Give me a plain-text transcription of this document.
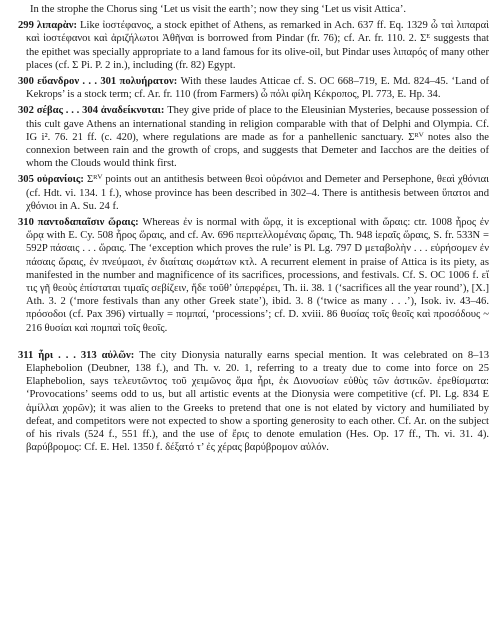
In the strophe the Chorus sing ‘Let us visit the earth’; now they sing ‘Let us visit Attica’.

299 λιπαρὰν: Like ἰοστέφανος, a stock epithet of Athens, as remarked in Ach. 637 ff. Eq. 1329 ὦ ταὶ λιπαραὶ καὶ ἰοστέφανοι καὶ ἀριζήλωτοι Ἀθῆναι is borrowed from Pindar (fr. 76); cf. Ar. fr. 110. 2. Σᴱ suggests that the epithet was specially appropriate to a land famous for its olive-oil, but Pindar uses λιπαρός of many other places (cf. Σ Pi. P. 2 in.), including (fr. 82) Egypt.

300 εὔανδρον . . . 301 πολυήρατον: With these laudes Atticae cf. S. OC 668–719, E. Md. 824–45. ‘Land of Kekrops’ is a stock term; cf. Ar. fr. 110 (from Farmers) ὦ πόλι φίλη Κέκροπος, Pl. 773, E. Hp. 34.

302 σέβας . . . 304 ἀναδείκνυται: They give pride of place to the Eleusinian Mysteries, because possession of this cult gave Athens an international standing in religion comparable with that of Delphi and Olympia. Cf. IG i². 76. 21 ff. (c. 420), where regulations are made as for a panhellenic sanctuary. Σᴿⱽ notes also the connexion between rain and the growth of crops, and suggests that Demeter and Iacchos are the deities of whom the Clouds would think first.

305 οὐρανίοις: Σᴿⱽ points out an antithesis between θεοὶ οὐράνιοι and Demeter and Persephone, θεαὶ χθόνιαι (cf. Hdt. vi. 134. 1 f.), whose province has been described in 302–4. There is antithesis between ὕπατοι and χθόνιοι in A. Su. 24 f.

310 παντοδαπαῖσιν ὥραις: Whereas ἐν is normal with ὥρᾳ, it is exceptional with ὥραις: ctr. 1008 ἦρος ἐν ὥρᾳ with E. Cy. 508 ἦρος ὥραις, and cf. Av. 696 περιτελλομέναις ὥραις, Th. 948 ἱεραῖς ὥραις, S. fr. 533N = 592P πάσαις . . . ὥραις. The ‘exception which proves the rule’ is Pl. Lg. 797 D μεταβολὴν . . . εὑρήσομεν ἐν πάσαις ὥραις, ἐν πνεύμασι, ἐν διαίταις σωμάτων κτλ. A recurrent element in praise of Attica is its piety, as manifested in the number and magnificence of its sacrifices, processions, and festivals. Cf. S. OC 1006 f. εἴ τις γῆ θεοὺς ἐπίσταται τιμαῖς σεβίζειν, ἥδε τοῦθ’ ὑπερφέρει, Th. ii. 38. 1 (‘sacrifices all the year round’), [X.] Ath. 3. 2 (‘more festivals than any other Greek state’), ibid. 3. 8 (‘twice as many . . .’), Isok. iv. 43–46. πρόσοδοι (cf. Pax 396) virtually = πομπαί, ‘processions’; cf. D. xviii. 86 θυσίας τοῖς θεοῖς καὶ προσόδους ~ 216 θυσίαι καὶ πομπαὶ τοῖς θεοῖς.

311 ἦρι . . . 313 αὐλῶν: The city Dionysia naturally earns special mention. It was celebrated on 8–13 Elaphebolion (Deubner, 138 f.), and Th. v. 20. 1, referring to a treaty due to come into force on 25 Elaphebolion, says τελευτῶντος τοῦ χειμῶνος ἅμα ἦρι, ἐκ Διονυσίων εὐθὺς τῶν ἀστικῶν. ἐρεθίσματα: ‘Provocations’ seems odd to us, but all artistic events at the Dionysia were competitive (cf. Pl. Lg. 834 E ἁμίλλαι χορῶν); it was alien to the Greeks to pretend that one is not elated by victory and humiliated by defeat, and competitors were not expected to show a sporting generosity to each other. Cf. Ar. on the subject of his rivals (524 f., 551 ff.), and the use of ἔρις to denote emulation (Hes. Op. 17 ff., Th. vi. 31. 4). βαρύβρομος: Cf. E. Hel. 1350 f. δέξατό τ’ ἐς χέρας βαρύβρομον αὐλόν.
